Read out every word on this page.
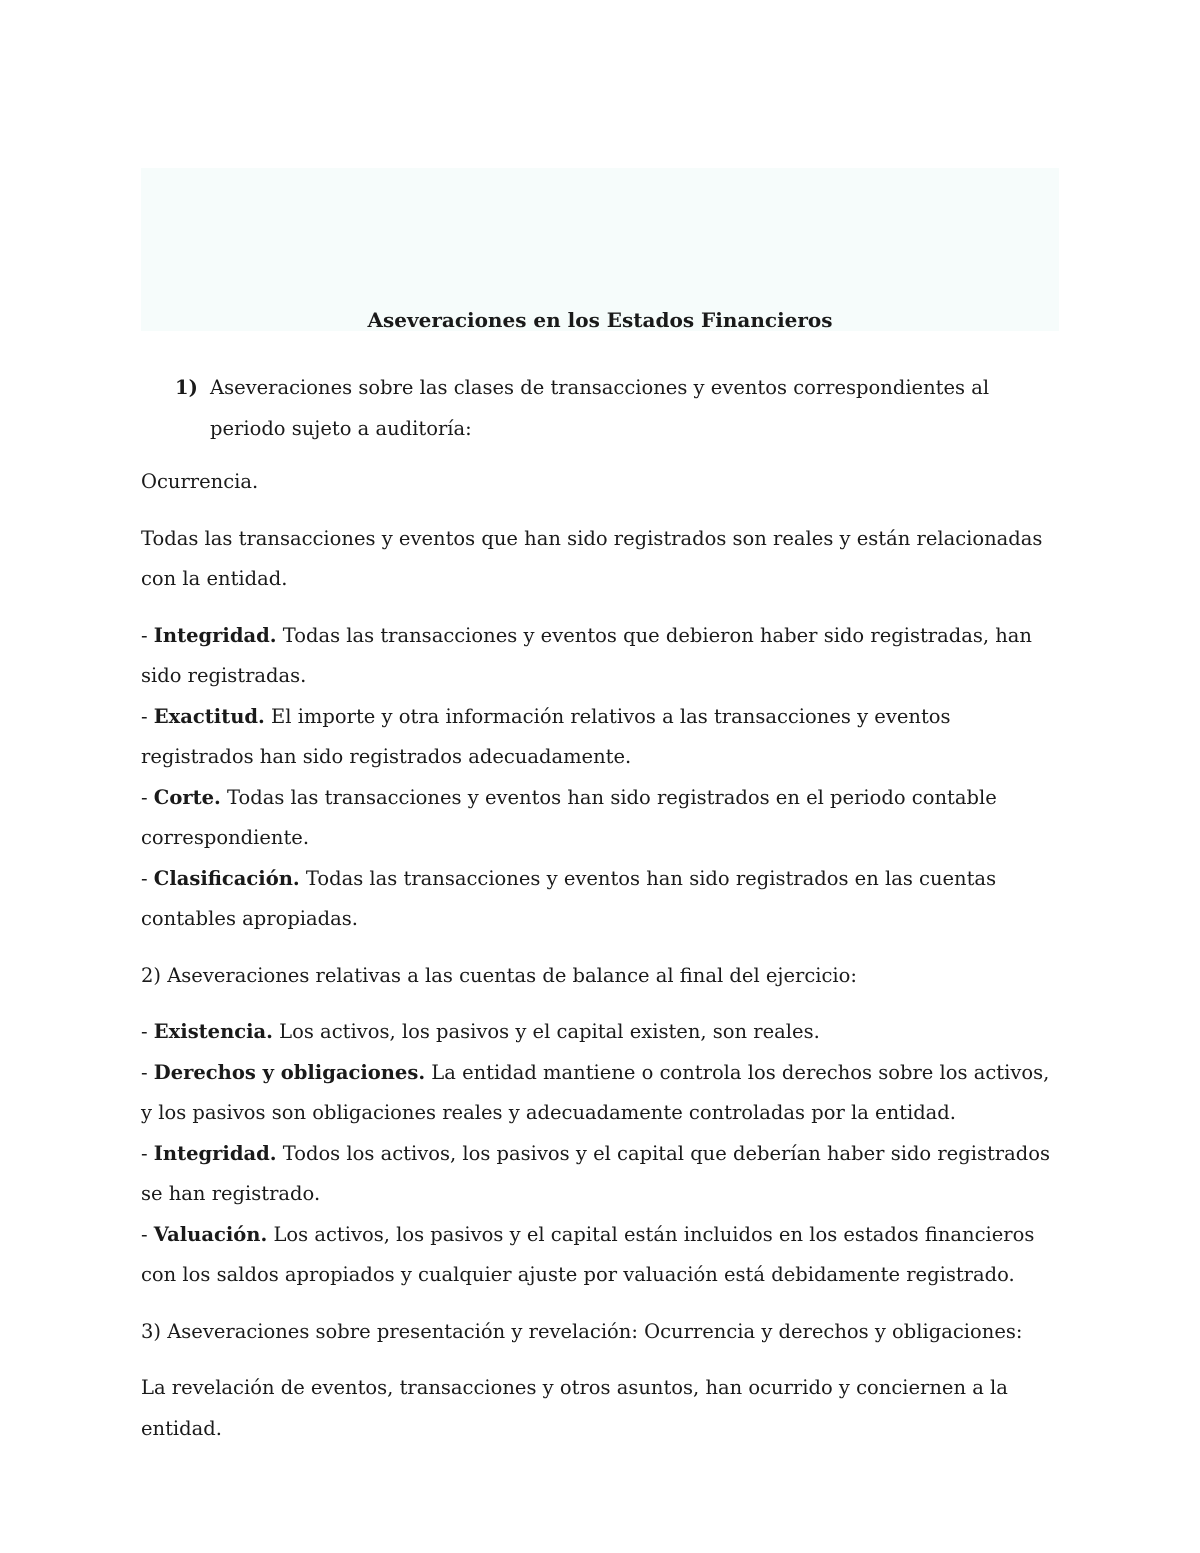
Aseveraciones en los Estados Financieros
1) Aseveraciones sobre las clases de transacciones y eventos correspondientes al periodo sujeto a auditoría:

Ocurrencia.

Todas las transacciones y eventos que han sido registrados son reales y están relacionadas con la entidad.

- Integridad. Todas las transacciones y eventos que debieron haber sido registradas, han sido registradas.

- Exactitud. El importe y otra información relativos a las transacciones y eventos registrados han sido registrados adecuadamente.

- Corte. Todas las transacciones y eventos han sido registrados en el periodo contable correspondiente.

- Clasificación. Todas las transacciones y eventos han sido registrados en las cuentas contables apropiadas.

2) Aseveraciones relativas a las cuentas de balance al final del ejercicio:

- Existencia. Los activos, los pasivos y el capital existen, son reales.

- Derechos y obligaciones. La entidad mantiene o controla los derechos sobre los activos, y los pasivos son obligaciones reales y adecuadamente controladas por la entidad.

- Integridad. Todos los activos, los pasivos y el capital que deberían haber sido registrados se han registrado.

- Valuación. Los activos, los pasivos y el capital están incluidos en los estados financieros con los saldos apropiados y cualquier ajuste por valuación está debidamente registrado.

3) Aseveraciones sobre presentación y revelación: Ocurrencia y derechos y obligaciones:

La revelación de eventos, transacciones y otros asuntos, han ocurrido y conciernen a la entidad.
